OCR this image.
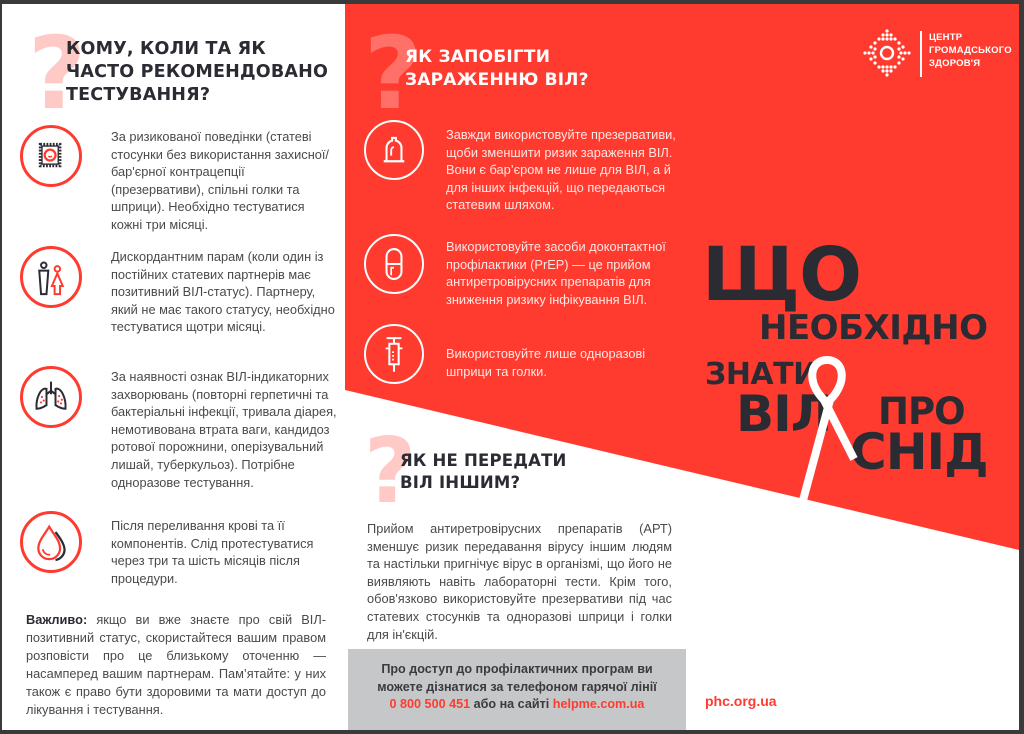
?
КОМУ, КОЛИ ТА ЯК
ЧАСТО РЕКОМЕНДОВАНО
ТЕСТУВАННЯ?
За ризикованої поведінки (статеві стосунки без використання захисної/бар'єрної контрацепції (презервативи), спільні голки та шприци). Необхідно тестуватися кожні три місяці.
Дискордантним парам (коли один із постійних статевих партнерів має позитивний ВІЛ-статус). Партнеру, який не має такого статусу, необхідно тестуватися щотри місяці.
За наявності ознак ВІЛ-індикаторних захворювань (повторні герпетичні та бактеріальні інфекції, тривала діарея, немотивована втрата ваги, кандидоз ротової порожнини, оперізувальний лишай, туберкульоз). Потрібне одноразове тестування.
Після переливання крові та її компонентів. Слід протестуватися через три та шість місяців після процедури.
Важливо: якщо ви вже знаєте про свій ВІЛ-позитивний статус, скористайтеся вашим правом розповісти про це близькому оточенню — насамперед вашим партнерам. Пам’ятайте: у них також є право бути здоровими та мати доступ до лікування і тестування.
?
ЯК ЗАПОБІГТИ
ЗАРАЖЕННЮ ВІЛ?
Завжди використовуйте презервативи, щоби зменшити ризик зараження ВІЛ. Вони є бар’єром не лише для ВІЛ, а й для інших інфекцій, що передаються статевим шляхом.
Використовуйте засоби доконтактної профілактики (PrEP) — це прийом антиретровірусних препаратів для зниження ризику інфікування ВІЛ.
Використовуйте лише одноразові шприци та голки.
?
ЯК НЕ ПЕРЕДАТИ
ВІЛ ІНШИМ?
Прийом антиретровірусних препаратів (АРТ) зменшує ризик передавання вірусу іншим людям та настільки пригнічує вірус в організмі, що його не виявляють навіть лабораторні тести. Крім того, обов'язково використовуйте презервативи під час статевих стосунків та одноразові шприци і голки для ін'єкцій.
Про доступ до профілактичних програм ви
можете дізнатися за телефоном гарячої лінії
0 800 500 451 або на сайті helpme.com.ua
ЦЕНТР
ГРОМАДСЬКОГО
ЗДОРОВ'Я
ЩО
НЕОБХІДНО
ЗНАТИ
ВІЛ ПРО
СНІД
phc.org.ua
